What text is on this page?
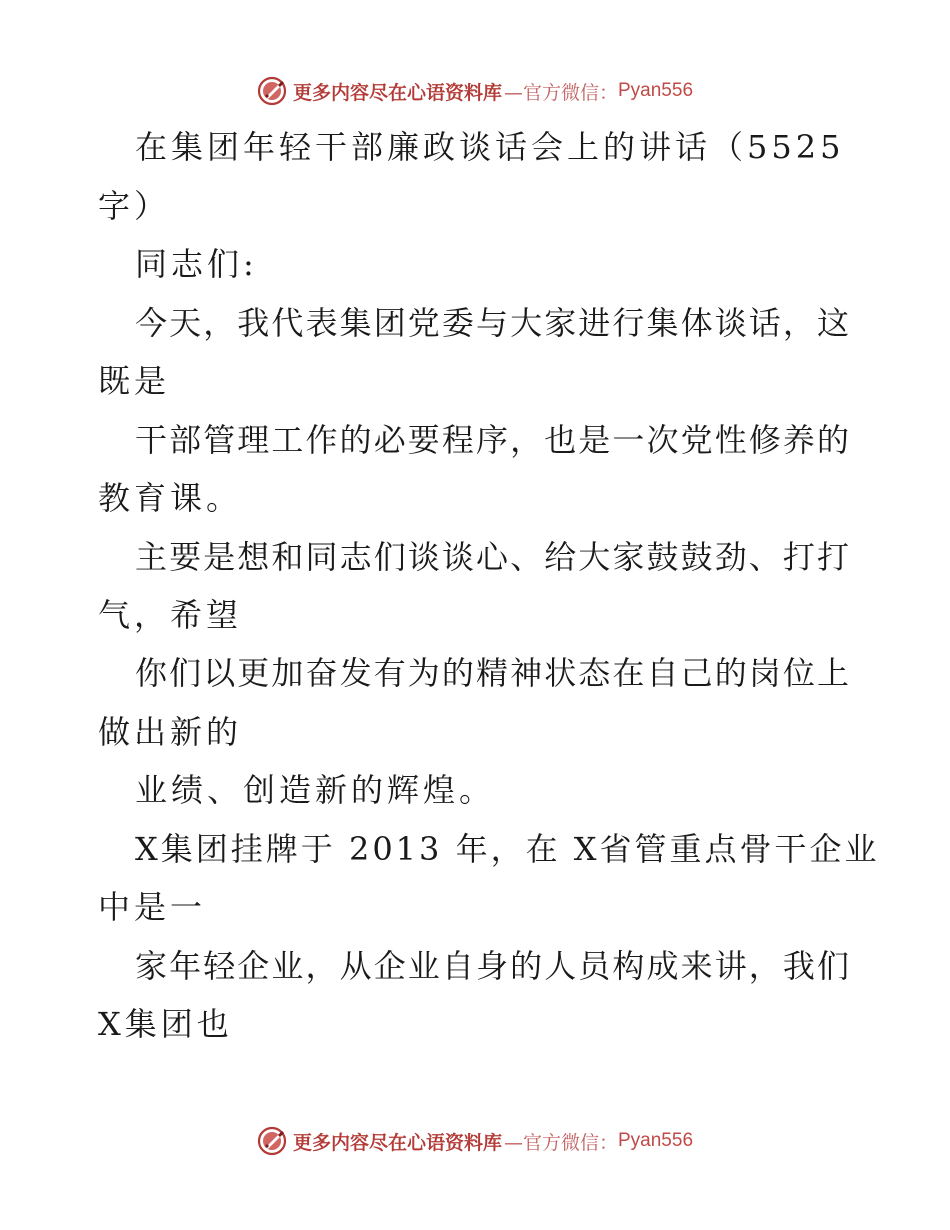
更多内容尽在心语资料库 —官方微信： Pyan556
在集团年轻干部廉政谈话会上的讲话（5525
字）
同志们:
今天，我代表集团党委与大家进行集体谈话，这
既是
干部管理工作的必要程序，也是一次党性修养的
教育课。
主要是想和同志们谈谈心、给大家鼓鼓劲、打打
气，希望
你们以更加奋发有为的精神状态在自己的岗位上
做出新的
业绩、创造新的辉煌。
X集团挂牌于 2013 年，在 X省管重点骨干企业
中是一
家年轻企业，从企业自身的人员构成来讲，我们
X集团也
更多内容尽在心语资料库 —官方微信： Pyan556
